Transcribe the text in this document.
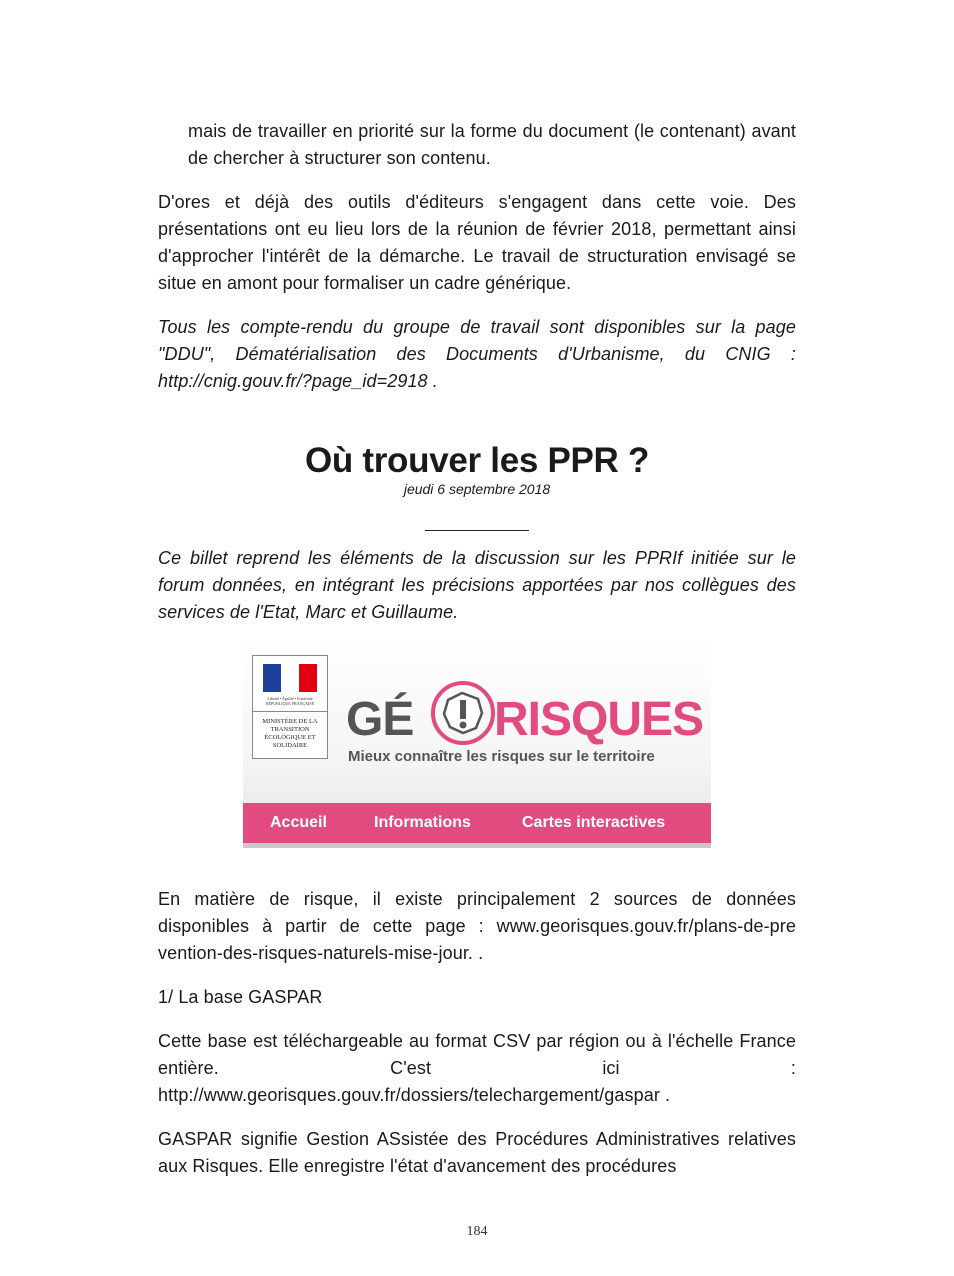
mais de travailler en priorité sur la forme du document (le contenant) avant de chercher à structurer son contenu.

D'ores et déjà des outils d'éditeurs s'engagent dans cette voie. Des présentations ont eu lieu lors de la réunion de février 2018, permettant ainsi d'approcher l'intérêt de la démarche. Le travail de structuration envisagé se situe en amont pour formaliser un cadre générique.

Tous les compte-rendu du groupe de travail sont disponibles sur la page "DDU", Dématérialisation des Documents d'Urbanisme, du CNIG : http://cnig.gouv.fr/?page_id=2918 .

Où trouver les PPR ?
jeudi 6 septembre 2018

Ce billet reprend les éléments de la discussion sur les PPRIf initiée sur le forum données, en intégrant les précisions apportées par nos collègues des services de l'Etat, Marc et Guillaume.

Liberté • Égalité • Fraternité RÉPUBLIQUE FRANÇAISE
MINISTÈRE DE LA TRANSITION ÉCOLOGIQUE ET SOLIDAIRE GÉ RISQUES
Mieux connaître les risques sur le territoire
Accueil	Informations	Cartes interactives

En matière de risque, il existe principalement 2 sources de données disponibles à partir de cette page : www.georisques.gouv.fr/plans-de-pre vention-des-risques-naturels-mise-jour. .

1/ La base GASPAR

Cette base est téléchargeable au format CSV par région ou à l'échelle France entière. C'est ici : http://www.georisques.gouv.fr/dossiers/telechargement/gaspar .

GASPAR signifie Gestion ASsistée des Procédures Administratives relatives aux Risques. Elle enregistre l'état d'avancement des procédures

184
